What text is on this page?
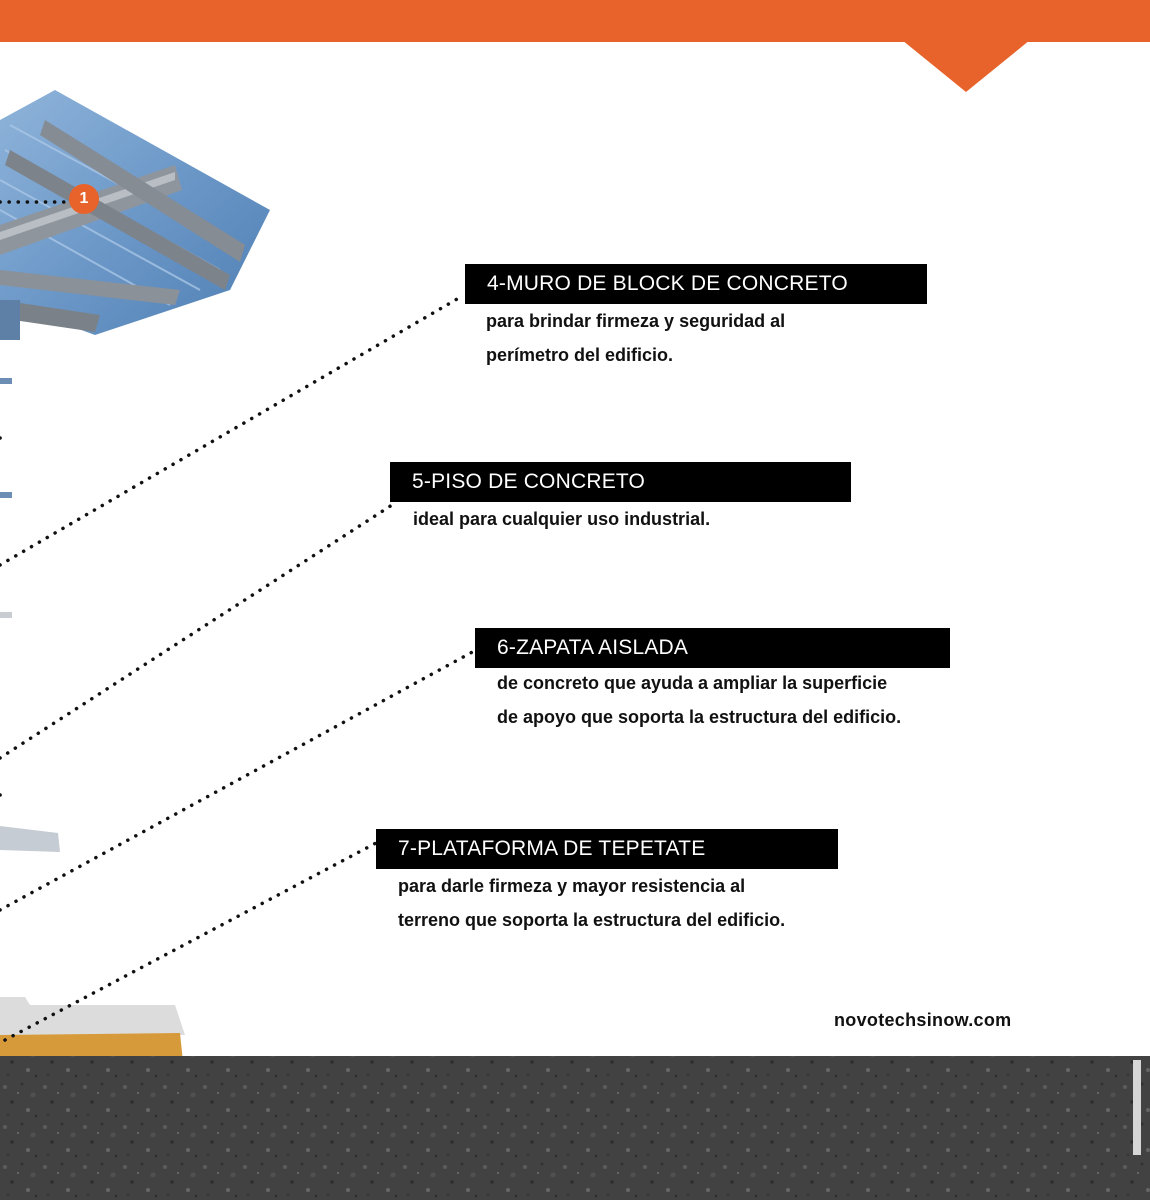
1
4-MURO DE BLOCK DE CONCRETO
para brindar firmeza y seguridad al
perímetro del edificio.
5-PISO DE CONCRETO
ideal para cualquier uso industrial.
6-ZAPATA AISLADA
de concreto que ayuda a ampliar la superficie
de apoyo que soporta la estructura del edificio.
7-PLATAFORMA DE TEPETATE
para darle firmeza y mayor resistencia al
terreno que soporta la estructura del edificio.
novotechsinow.com
